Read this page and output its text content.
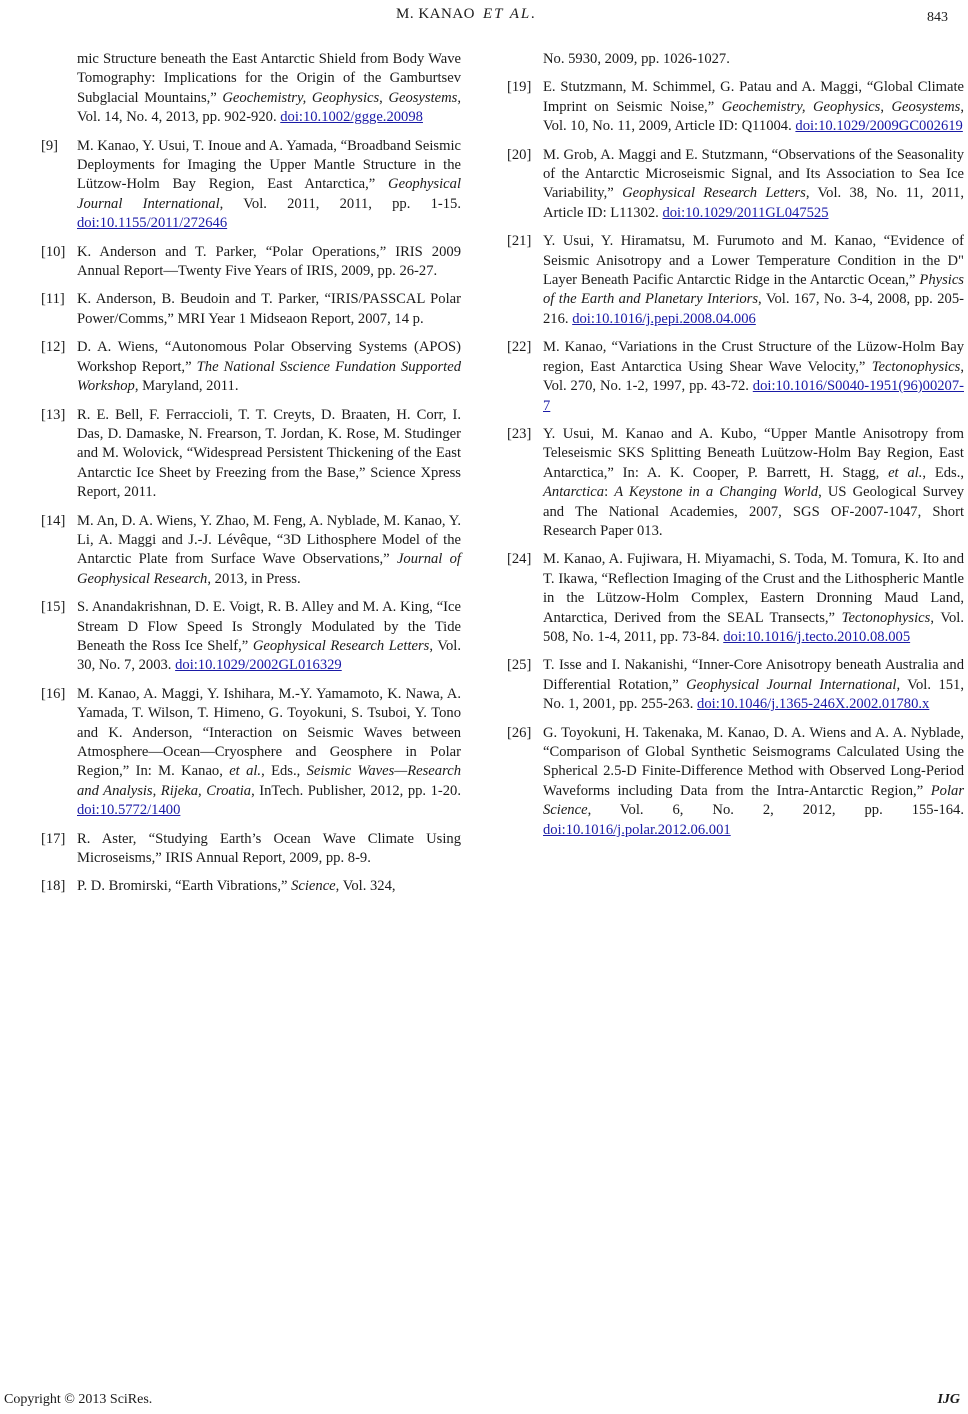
M. KANAO ET AL.	843
mic Structure beneath the East Antarctic Shield from Body Wave Tomography: Implications for the Origin of the Gamburtsev Subglacial Mountains,” Geochemistry, Geophysics, Geosystems, Vol. 14, No. 4, 2013, pp. 902-920. doi:10.1002/ggge.20098
[9]	M. Kanao, Y. Usui, T. Inoue and A. Yamada, “Broadband Seismic Deployments for Imaging the Upper Mantle Structure in the Lützow-Holm Bay Region, East Antarctica,” Geophysical Journal International, Vol. 2011, 2011, pp. 1-15. doi:10.1155/2011/272646
[10] K. Anderson and T. Parker, “Polar Operations,” IRIS 2009 Annual Report—Twenty Five Years of IRIS, 2009, pp. 26-27.
[11] K. Anderson, B. Beudoin and T. Parker, “IRIS/PASSCAL Polar Power/Comms,” MRI Year 1 Midseaon Report, 2007, 14 p.
[12] D. A. Wiens, “Autonomous Polar Observing Systems (APOS) Workshop Report,” The National Sscience Fundation Supported Workshop, Maryland, 2011.
[13] R. E. Bell, F. Ferraccioli, T. T. Creyts, D. Braaten, H. Corr, I. Das, D. Damaske, N. Frearson, T. Jordan, K. Rose, M. Studinger and M. Wolovick, “Widespread Persistent Thickening of the East Antarctic Ice Sheet by Freezing from the Base,” Science Xpress Report, 2011.
[14] M. An, D. A. Wiens, Y. Zhao, M. Feng, A. Nyblade, M. Kanao, Y. Li, A. Maggi and J.-J. Lévêque, “3D Lithosphere Model of the Antarctic Plate from Surface Wave Observations,” Journal of Geophysical Research, 2013, in Press.
[15] S. Anandakrishnan, D. E. Voigt, R. B. Alley and M. A. King, “Ice Stream D Flow Speed Is Strongly Modulated by the Tide Beneath the Ross Ice Shelf,” Geophysical Research Letters, Vol. 30, No. 7, 2003. doi:10.1029/2002GL016329
[16] M. Kanao, A. Maggi, Y. Ishihara, M.-Y. Yamamoto, K. Nawa, A. Yamada, T. Wilson, T. Himeno, G. Toyokuni, S. Tsuboi, Y. Tono and K. Anderson, “Interaction on Seismic Waves between Atmosphere—Ocean—Cryosphere and Geosphere in Polar Region,” In: M. Kanao, et al., Eds., Seismic Waves—Research and Analysis, Rijeka, Croatia, InTech. Publisher, 2012, pp. 1-20. doi:10.5772/1400
[17] R. Aster, “Studying Earth’s Ocean Wave Climate Using Microseisms,” IRIS Annual Report, 2009, pp. 8-9.
[18] P. D. Bromirski, “Earth Vibrations,” Science, Vol. 324,
No. 5930, 2009, pp. 1026-1027.
[19] E. Stutzmann, M. Schimmel, G. Patau and A. Maggi, “Global Climate Imprint on Seismic Noise,” Geochemistry, Geophysics, Geosystems, Vol. 10, No. 11, 2009, Article ID: Q11004. doi:10.1029/2009GC002619
[20] M. Grob, A. Maggi and E. Stutzmann, “Observations of the Seasonality of the Antarctic Microseismic Signal, and Its Association to Sea Ice Variability,” Geophysical Research Letters, Vol. 38, No. 11, 2011, Article ID: L11302. doi:10.1029/2011GL047525
[21] Y. Usui, Y. Hiramatsu, M. Furumoto and M. Kanao, “Evidence of Seismic Anisotropy and a Lower Temperature Condition in the D" Layer Beneath Pacific Antarctic Ridge in the Antarctic Ocean,” Physics of the Earth and Planetary Interiors, Vol. 167, No. 3-4, 2008, pp. 205-216. doi:10.1016/j.pepi.2008.04.006
[22] M. Kanao, “Variations in the Crust Structure of the Lüzow-Holm Bay region, East Antarctica Using Shear Wave Velocity,” Tectonophysics, Vol. 270, No. 1-2, 1997, pp. 43-72. doi:10.1016/S0040-1951(96)00207-7
[23] Y. Usui, M. Kanao and A. Kubo, “Upper Mantle Anisotropy from Teleseismic SKS Splitting Beneath Luützow-Holm Bay Region, East Antarctica,” In: A. K. Cooper, P. Barrett, H. Stagg, et al., Eds., Antarctica: A Keystone in a Changing World, US Geological Survey and The National Academies, 2007, SGS OF-2007-1047, Short Research Paper 013.
[24] M. Kanao, A. Fujiwara, H. Miyamachi, S. Toda, M. Tomura, K. Ito and T. Ikawa, “Reflection Imaging of the Crust and the Lithospheric Mantle in the Lützow-Holm Complex, Eastern Dronning Maud Land, Antarctica, Derived from the SEAL Transects,” Tectonophysics, Vol. 508, No. 1-4, 2011, pp. 73-84. doi:10.1016/j.tecto.2010.08.005
[25] T. Isse and I. Nakanishi, “Inner-Core Anisotropy beneath Australia and Differential Rotation,” Geophysical Journal International, Vol. 151, No. 1, 2001, pp. 255-263. doi:10.1046/j.1365-246X.2002.01780.x
[26] G. Toyokuni, H. Takenaka, M. Kanao, D. A. Wiens and A. A. Nyblade, “Comparison of Global Synthetic Seismograms Calculated Using the Spherical 2.5-D Finite-Difference Method with Observed Long-Period Waveforms including Data from the Intra-Antarctic Region,” Polar Science, Vol. 6, No. 2, 2012, pp. 155-164. doi:10.1016/j.polar.2012.06.001
Copyright © 2013 SciRes.	IJG
